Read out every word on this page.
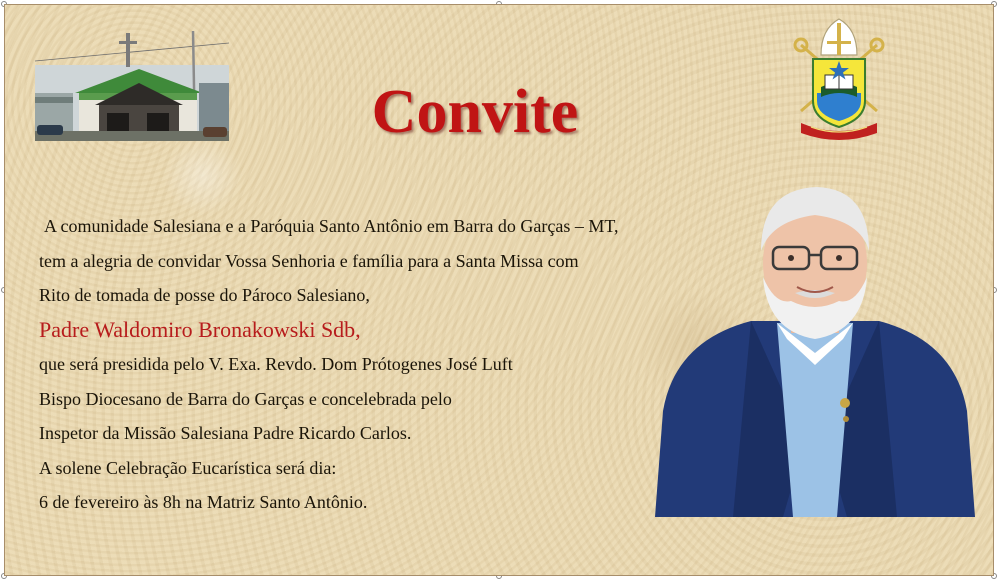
Convite
A comunidade Salesiana e a Paróquia Santo Antônio em Barra do Garças – MT,
tem a alegria de convidar Vossa Senhoria e família para a Santa Missa com
Rito de tomada de posse do Pároco Salesiano,
Padre Waldomiro Bronakowski Sdb,
que será presidida pelo V. Exa. Revdo. Dom Prótogenes José Luft
Bispo Diocesano de Barra do Garças e concelebrada pelo
Inspetor da Missão Salesiana Padre Ricardo Carlos.
A solene Celebração Eucarística será dia:
6 de fevereiro às 8h na Matriz Santo Antônio.
